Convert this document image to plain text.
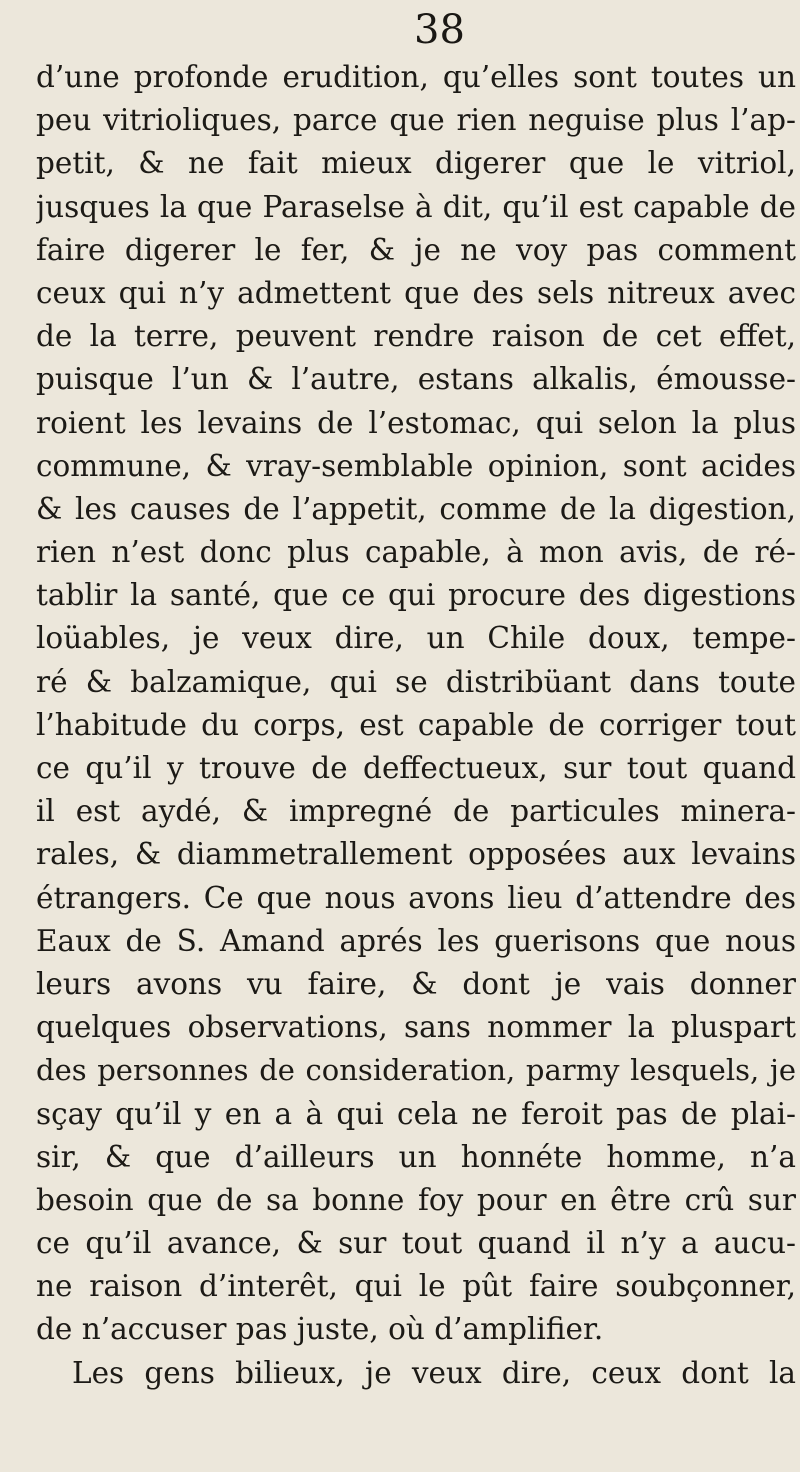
38
d’une profonde erudition, qu’elles sont toutes un
peu vitrioliques, parce que rien neguise plus l’ap-
petit, & ne fait mieux digerer que le vitriol,
jusques la que Paraselse à dit, qu’il est capable de
faire digerer le fer, & je ne voy pas comment
ceux qui n’y admettent que des sels nitreux avec
de la terre, peuvent rendre raison de cet effet,
puisque l’un & l’autre, estans alkalis, émousse-
roient les levains de l’estomac, qui selon la plus
commune, & vray-semblable opinion, sont acides
& les causes de l’appetit, comme de la digestion,
rien n’est donc plus capable, à mon avis, de ré-
tablir la santé, que ce qui procure des digestions
loüables, je veux dire, un Chile doux, tempe-
ré & balzamique, qui se distribüant dans toute
l’habitude du corps, est capable de corriger tout
ce qu’il y trouve de deffectueux, sur tout quand
il est aydé, & impregné de particules minera-
rales, & diammetrallement opposées aux levains
étrangers. Ce que nous avons lieu d’attendre des
Eaux de S. Amand aprés les guerisons que nous
leurs avons vu faire, & dont je vais donner
quelques observations, sans nommer la pluspart
des personnes de consideration, parmy lesquels, je
sçay qu’il y en a à qui cela ne feroit pas de plai-
sir, & que d’ailleurs un honnéte homme, n’a
besoin que de sa bonne foy pour en être crû sur
ce qu’il avance, & sur tout quand il n’y a aucu-
ne raison d’interêt, qui le pût faire soubçonner,
de n’accuser pas juste, où d’amplifier.
Les gens bilieux, je veux dire, ceux dont la
